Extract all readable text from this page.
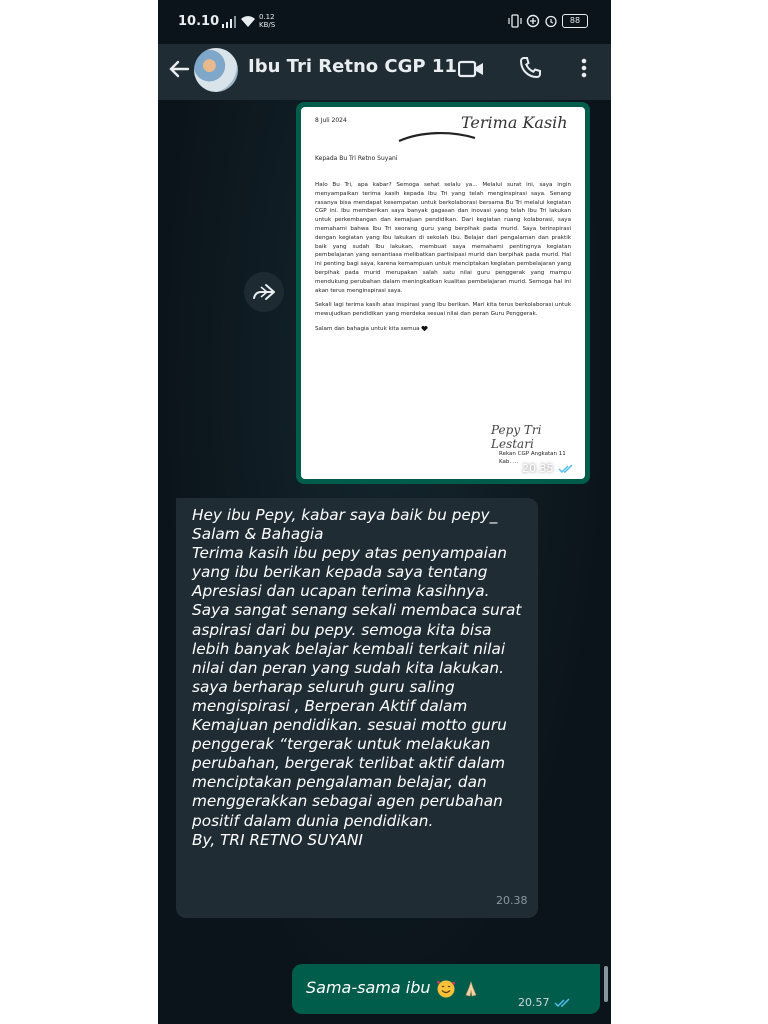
10.10	0.12
KB/S	88
Ibu Tri Retno CGP 11
8 Juli 2024	Terima Kasih
Kepada Bu Tri Retno Suyani

Halo Bu Tri, apa kabar? Semoga sehat selalu ya... Melalui surat ini, saya ingin menyampaikan terima kasih kepada Ibu Tri yang telah menginspirasi saya. Senang rasanya bisa mendapat kesempatan untuk berkolaborasi bersama Bu Tri melalui kegiatan CGP ini. Ibu memberikan saya banyak gagasan dan inovasi yang telah Ibu Tri lakukan untuk perkembangan dan kemajuan pendidikan. Dari kegiatan ruang kolaborasi, saya memahami bahwa Ibu Tri seorang guru yang berpihak pada murid. Saya terinspirasi dengan kegiatan yang Ibu lakukan di sekolah Ibu. Belajar dari pengalaman dan praktik baik yang sudah Ibu lakukan, membuat saya memahami pentingnya kegiatan pembelajaran yang senantiasa melibatkan partisipasi murid dan berpihak pada murid. Hal ini penting bagi saya, karena kemampuan untuk menciptakan kegiatan pembelajaran yang berpihak pada murid merupakan salah satu nilai guru penggerak yang mampu mendukung perubahan dalam meningkatkan kualitas pembelajaran murid. Semoga hal ini akan terus menginspirasi saya.

Sekali lagi terima kasih atas inspirasi yang Ibu berikan. Mari kita terus berkolaborasi untuk mewujudkan pendidikan yang merdeka sesuai nilai dan peran Guru Penggerak.

Salam dan bahagia untuk kita semua

Pepy Tri Lestari
Rekan CGP Angkatan 11
Kab. ... 20.35

Hey ibu Pepy, kabar saya baik bu pepy_
Salam & Bahagia
Terima kasih ibu pepy atas penyampaian yang ibu berikan kepada saya tentang Apresiasi dan ucapan terima kasihnya.
Saya sangat senang sekali membaca surat aspirasi dari bu pepy. semoga kita bisa lebih banyak belajar kembali terkait nilai nilai dan peran yang sudah kita lakukan.
saya berharap seluruh guru saling mengispirasi , Berperan Aktif dalam Kemajuan pendidikan. sesuai motto guru penggerak “tergerak untuk melakukan perubahan, bergerak terlibat aktif dalam menciptakan pengalaman belajar, dan menggerakkan sebagai agen perubahan positif dalam dunia pendidikan.
By, TRI RETNO SUYANI

20.38
Sama-sama ibu
20.57
